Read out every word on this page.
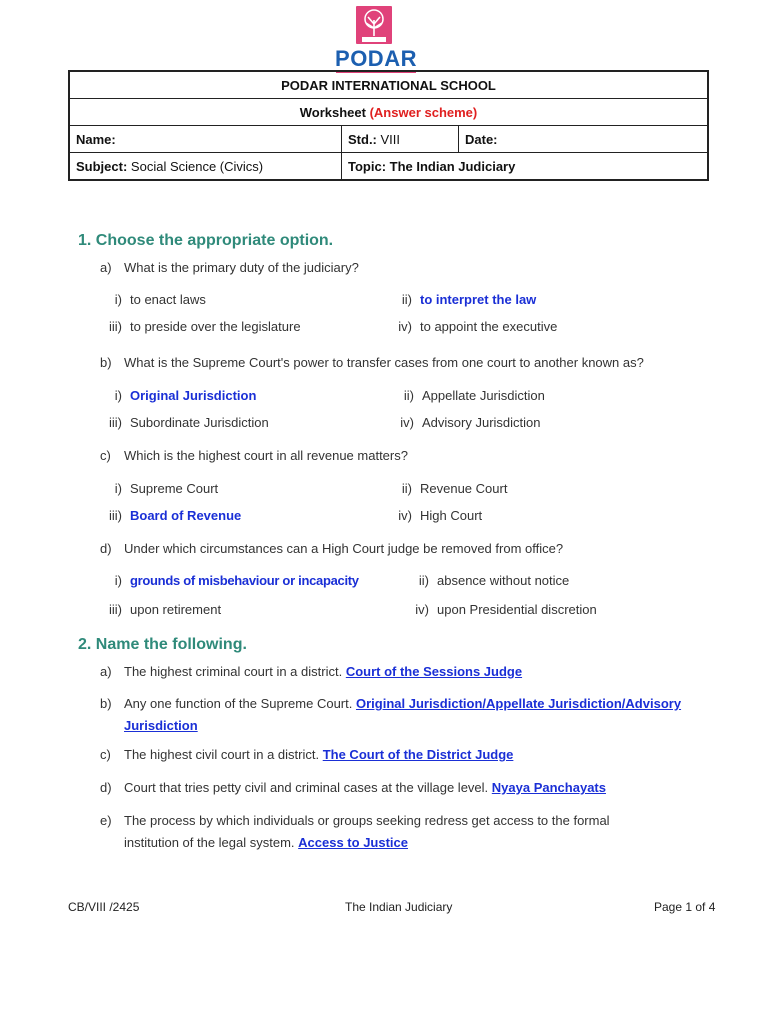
PODAR
PODAR INTERNATIONAL SCHOOL		
Worksheet (Answer scheme)		
Name:	Std.: VIII	Date:
Subject: Social Science (Civics)	Topic: The Indian Judiciary	
1. Choose the appropriate option.
a) What is the primary duty of the judiciary?
i) to enact laws	ii) to interpret the law
iii) to preside over the legislature	iv) to appoint the executive
b) What is the Supreme Court's power to transfer cases from one court to another known as?
i) Original Jurisdiction	ii) Appellate Jurisdiction
iii) Subordinate Jurisdiction	iv) Advisory Jurisdiction
c) Which is the highest court in all revenue matters?
i) Supreme Court	ii) Revenue Court
iii) Board of Revenue	iv) High Court
d) Under which circumstances can a High Court judge be removed from office?
i) grounds of misbehaviour or incapacity	ii) absence without notice
iii) upon retirement	iv) upon Presidential discretion
2. Name the following.
a) The highest criminal court in a district. Court of the Sessions Judge
b) Any one function of the Supreme Court. Original Jurisdiction/Appellate Jurisdiction/Advisory
Jurisdiction
c) The highest civil court in a district. The Court of the District Judge
d) Court that tries petty civil and criminal cases at the village level. Nyaya Panchayats
e) The process by which individuals or groups seeking redress get access to the formal
institution of the legal system. Access to Justice
CB/VIII /2425	The Indian Judiciary	Page 1 of 4
